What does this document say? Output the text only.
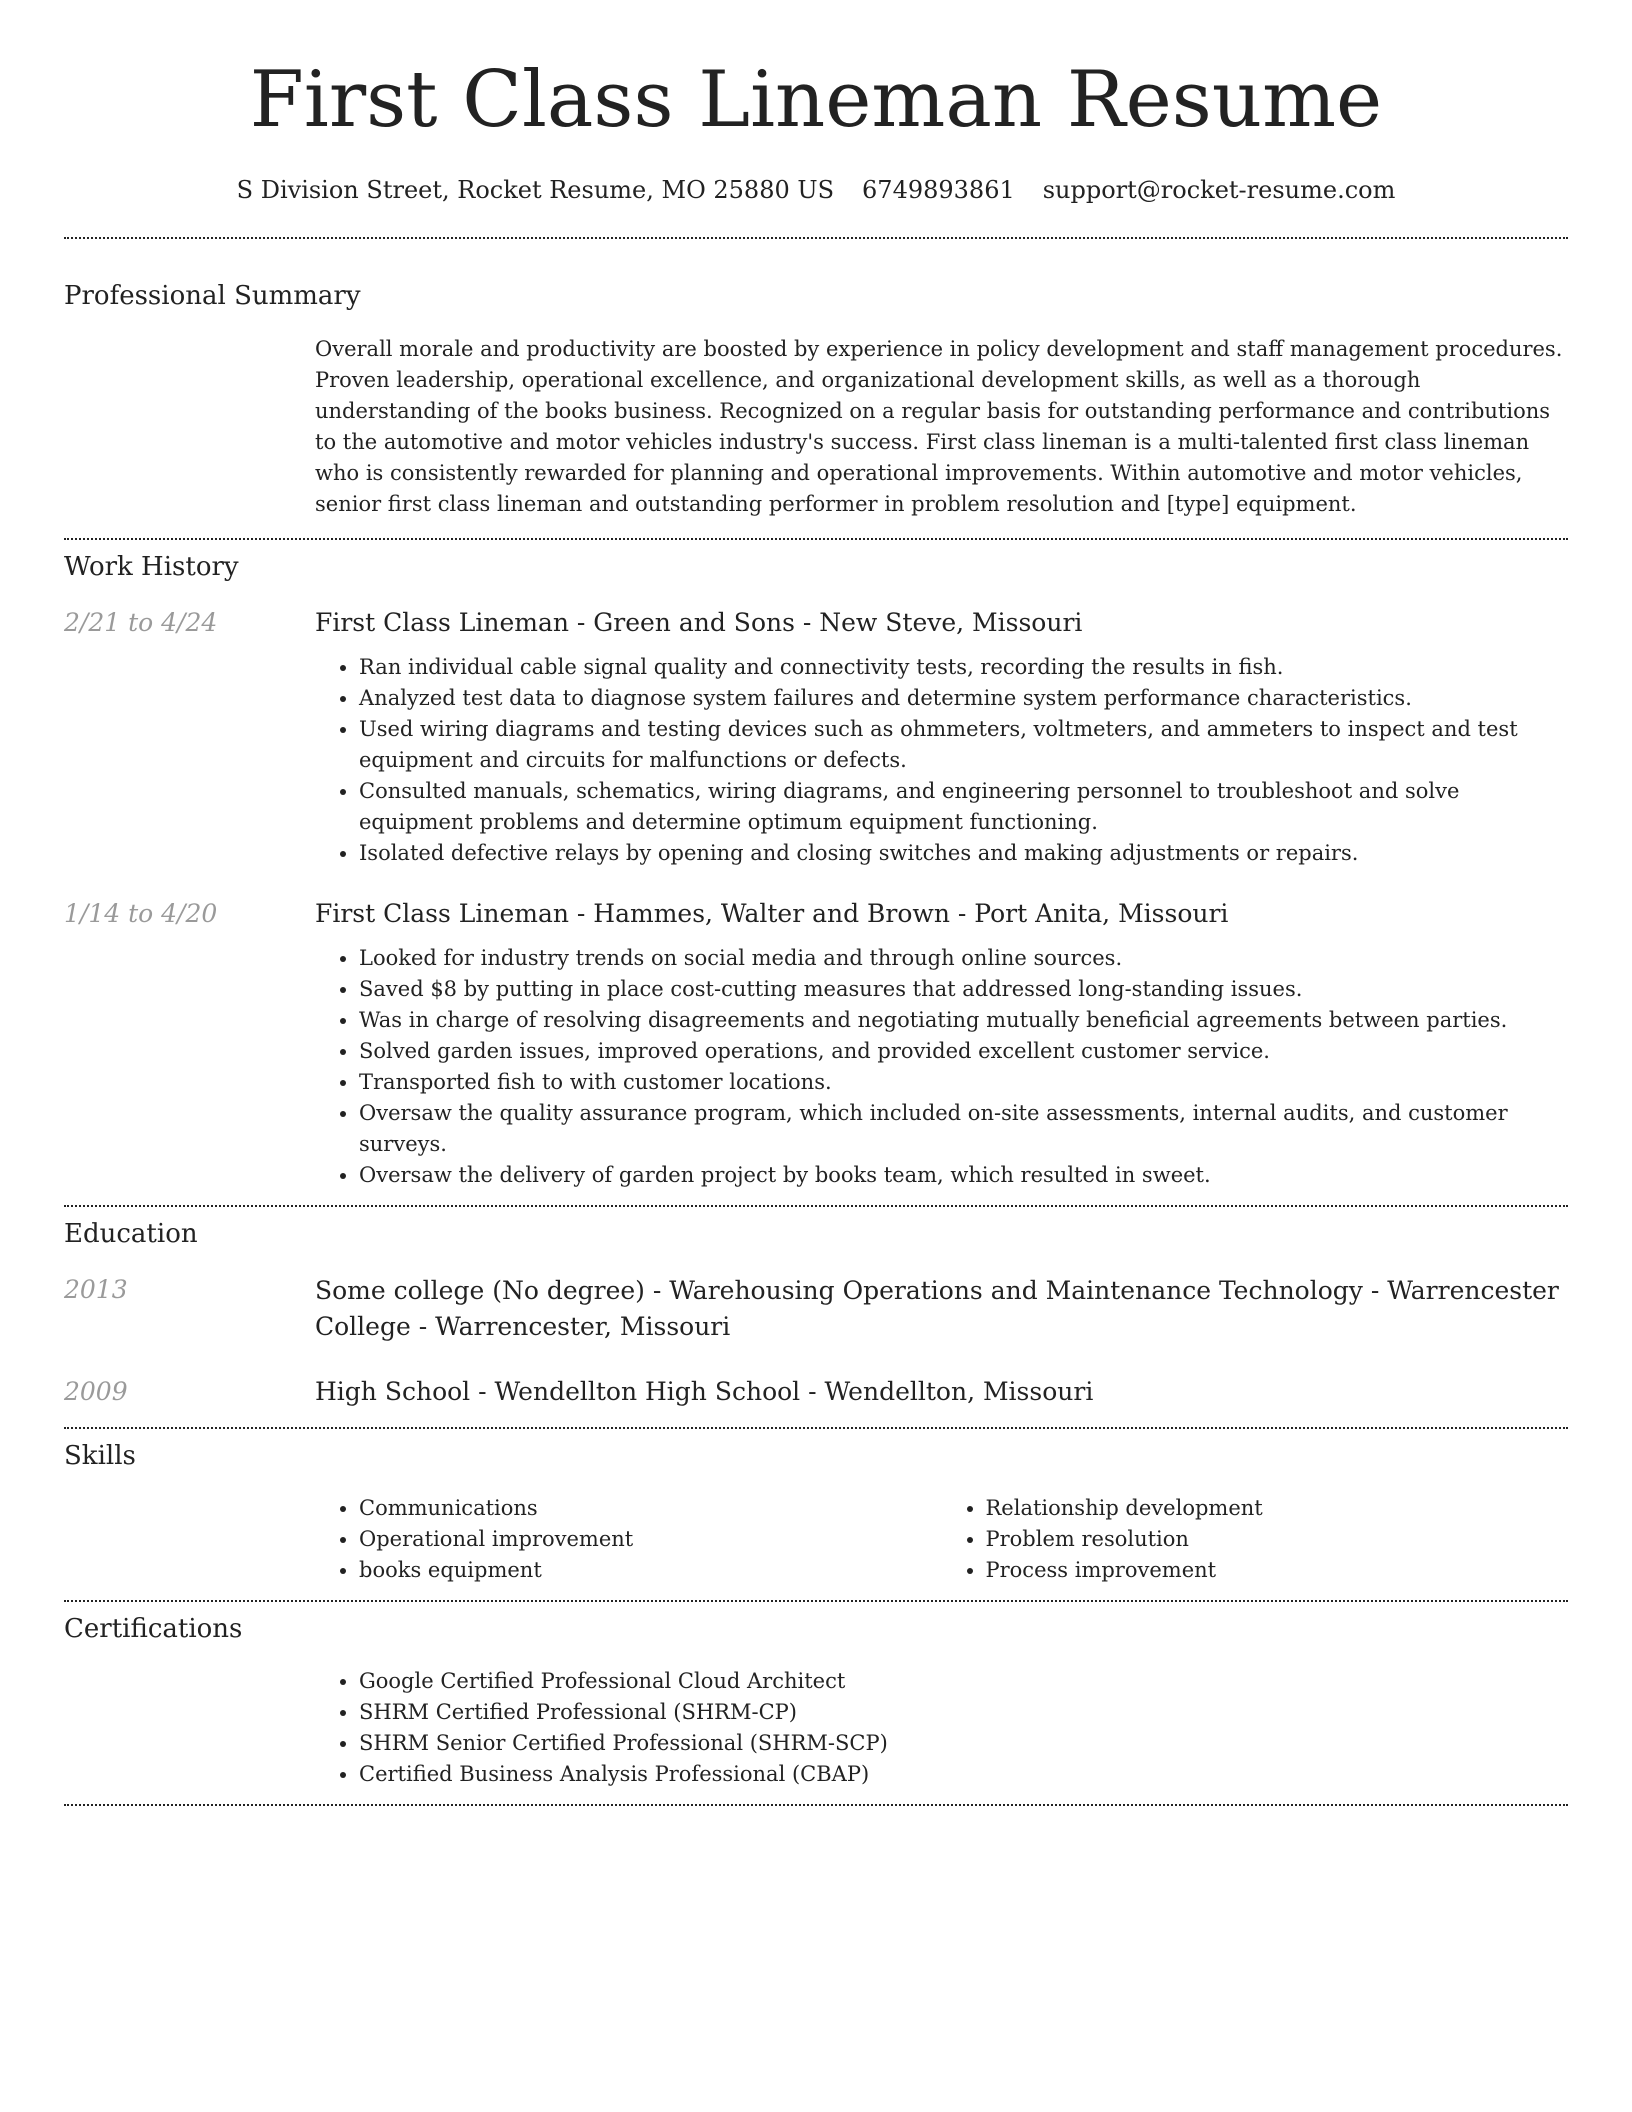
First Class Lineman Resume
S Division Street, Rocket Resume, MO 25880 US 6749893861 support@rocket-resume.com
Professional Summary
Overall morale and productivity are boosted by experience in policy development and staff management procedures. Proven leadership, operational excellence, and organizational development skills, as well as a thorough understanding of the books business. Recognized on a regular basis for outstanding performance and contributions to the automotive and motor vehicles industry's success. First class lineman is a multi-talented first class lineman who is consistently rewarded for planning and operational improvements. Within automotive and motor vehicles, senior first class lineman and outstanding performer in problem resolution and [type] equipment.
Work History
2/21 to 4/24	First Class Lineman - Green and Sons - New Steve, Missouri
• Ran individual cable signal quality and connectivity tests, recording the results in fish.
• Analyzed test data to diagnose system failures and determine system performance characteristics.
• Used wiring diagrams and testing devices such as ohmmeters, voltmeters, and ammeters to inspect and test equipment and circuits for malfunctions or defects.
• Consulted manuals, schematics, wiring diagrams, and engineering personnel to troubleshoot and solve equipment problems and determine optimum equipment functioning.
• Isolated defective relays by opening and closing switches and making adjustments or repairs.
1/14 to 4/20	First Class Lineman - Hammes, Walter and Brown - Port Anita, Missouri
• Looked for industry trends on social media and through online sources.
• Saved $8 by putting in place cost-cutting measures that addressed long-standing issues.
• Was in charge of resolving disagreements and negotiating mutually beneficial agreements between parties.
• Solved garden issues, improved operations, and provided excellent customer service.
• Transported fish to with customer locations.
• Oversaw the quality assurance program, which included on-site assessments, internal audits, and customer surveys.
• Oversaw the delivery of garden project by books team, which resulted in sweet.
Education
2013	Some college (No degree) - Warehousing Operations and Maintenance Technology - Warrencester College - Warrencester, Missouri
2009	High School - Wendellton High School - Wendellton, Missouri
Skills
• Communications
• Operational improvement
• books equipment
• Relationship development
• Problem resolution
• Process improvement
Certifications
• Google Certified Professional Cloud Architect
• SHRM Certified Professional (SHRM-CP)
• SHRM Senior Certified Professional (SHRM-SCP)
• Certified Business Analysis Professional (CBAP)
